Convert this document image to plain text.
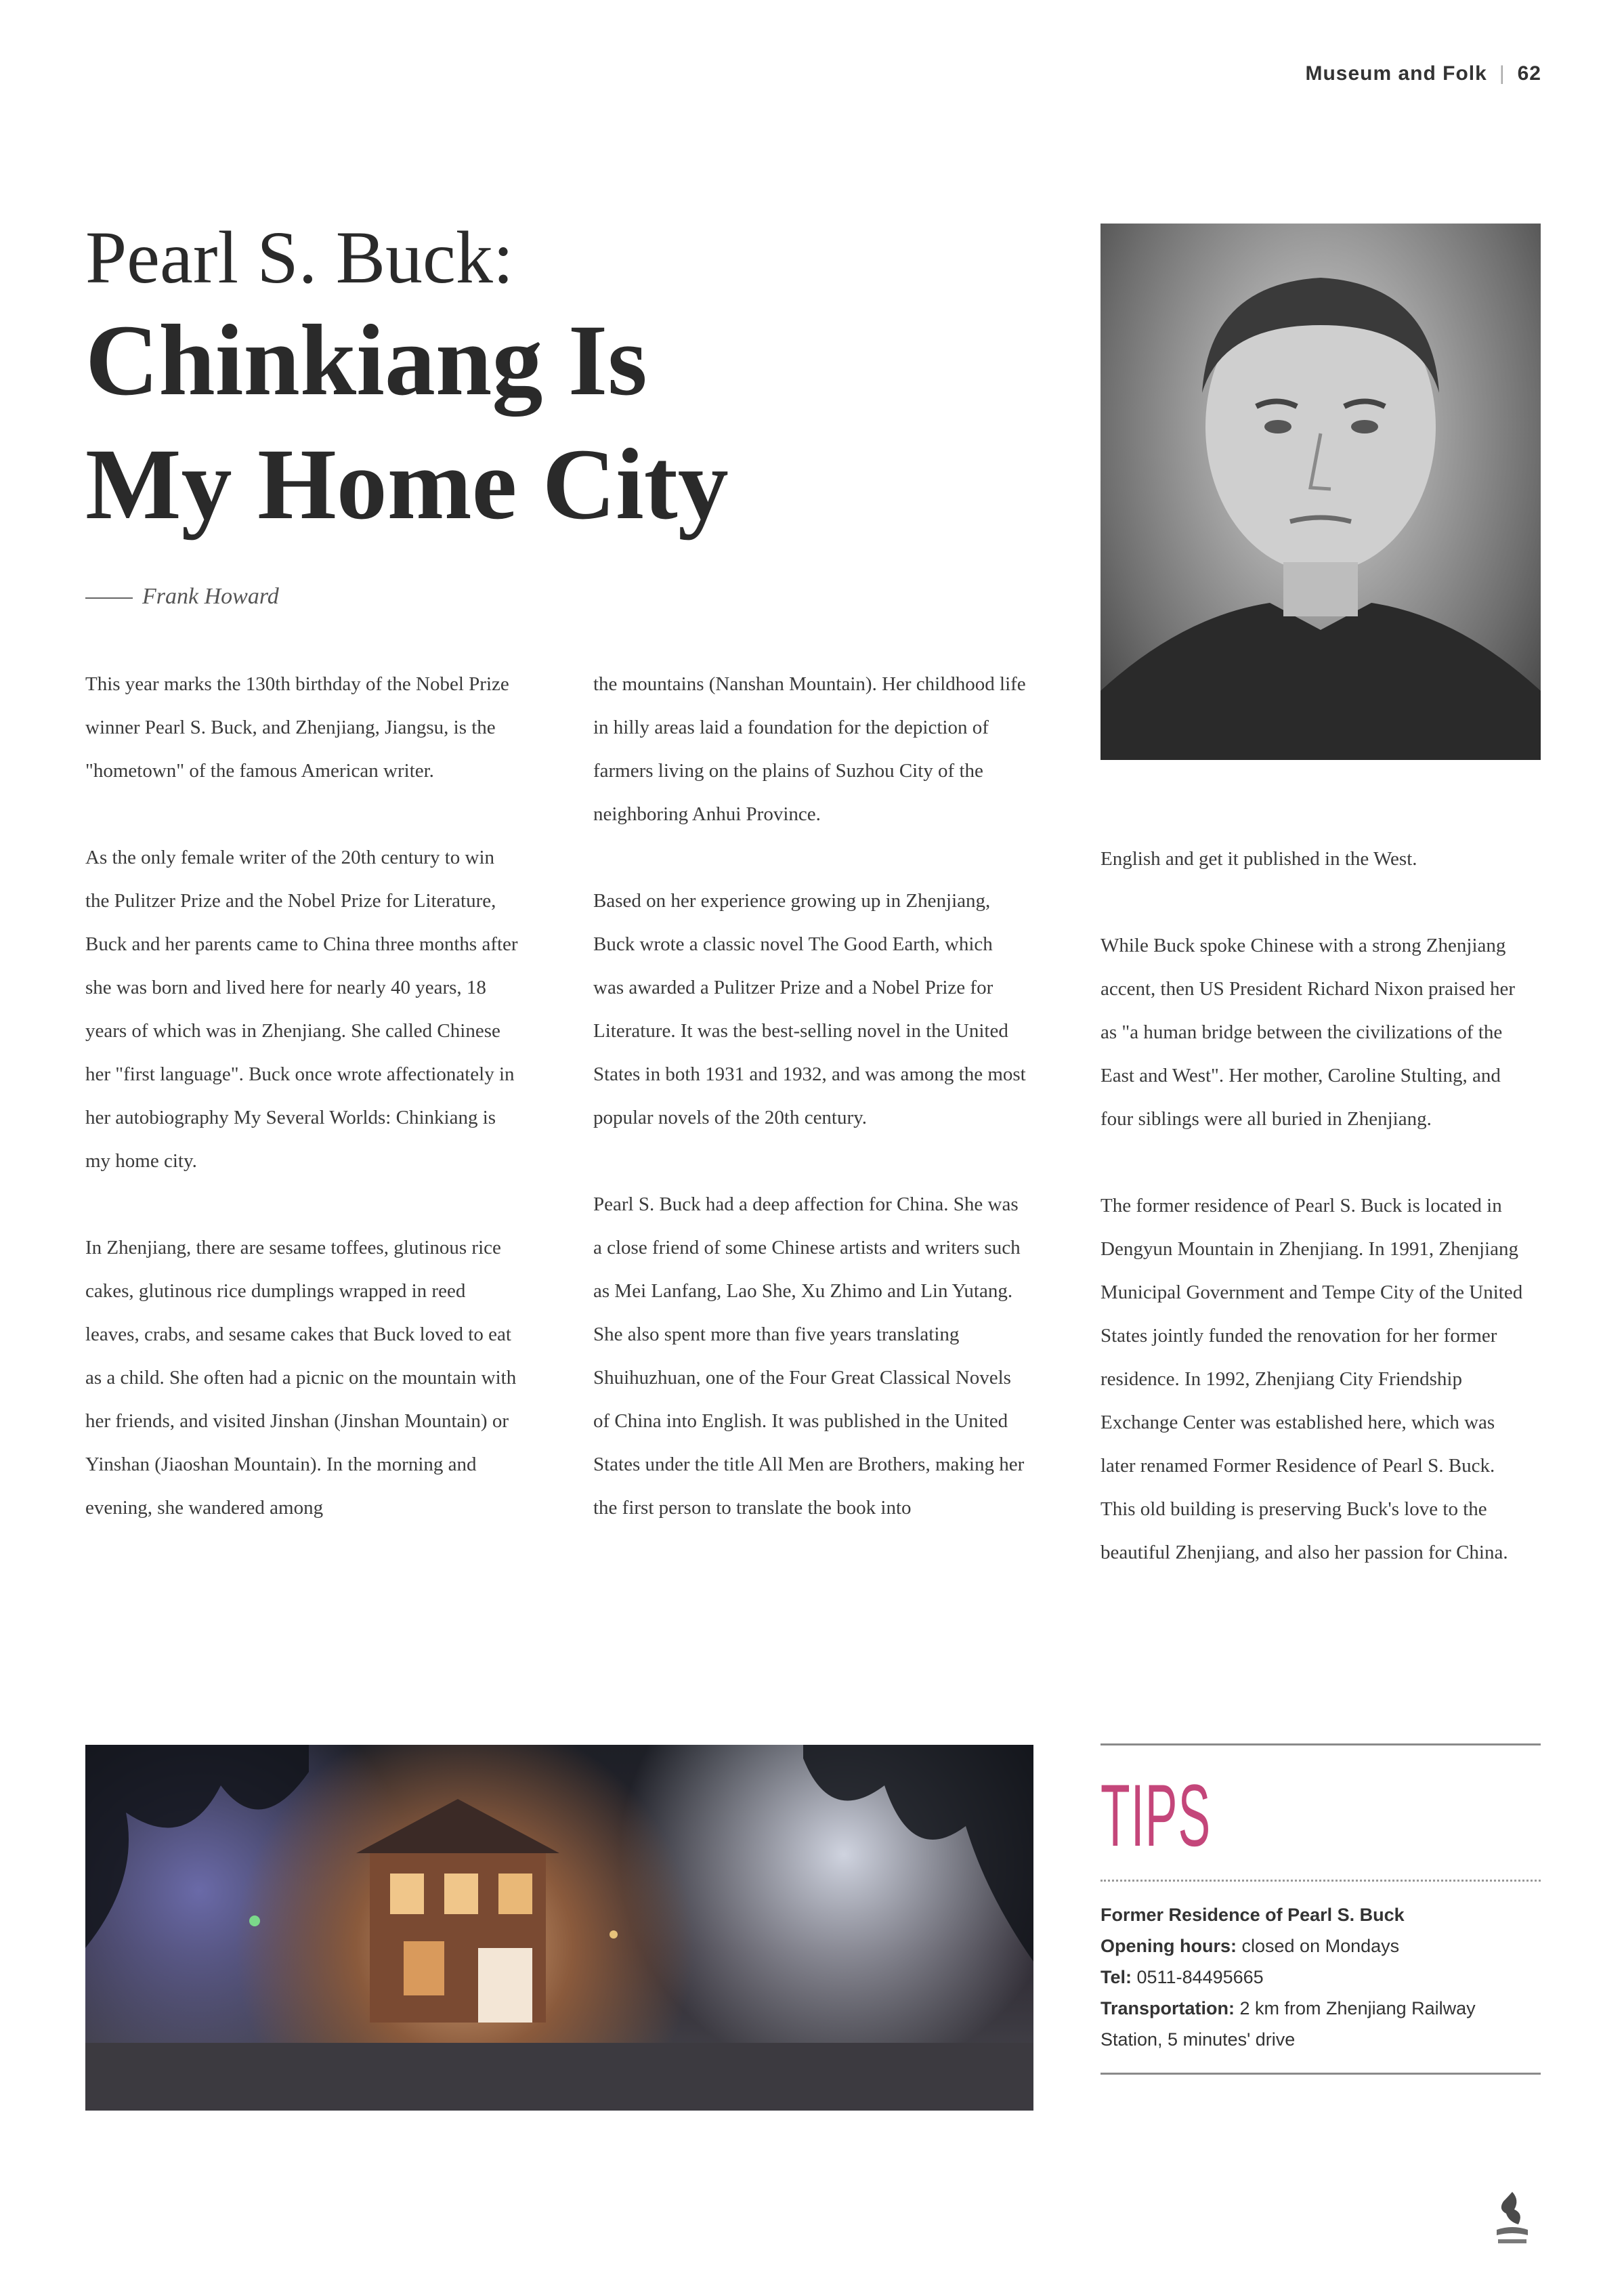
Museum and Folk | 62
Pearl S. Buck:
Chinkiang Is
My Home City
Frank Howard

This year marks the 130th birthday of the Nobel Prize winner Pearl S. Buck, and Zhenjiang, Jiangsu, is the "hometown" of the famous American writer.

As the only female writer of the 20th century to win the Pulitzer Prize and the Nobel Prize for Literature, Buck and her parents came to China three months after she was born and lived here for nearly 40 years, 18 years of which was in Zhenjiang. She called Chinese her "first language". Buck once wrote affectionately in her autobiography My Several Worlds: Chinkiang is my home city.

In Zhenjiang, there are sesame toffees, glutinous rice cakes, glutinous rice dumplings wrapped in reed leaves, crabs, and sesame cakes that Buck loved to eat as a child. She often had a picnic on the mountain with her friends, and visited Jinshan (Jinshan Mountain) or Yinshan (Jiaoshan Mountain). In the morning and evening, she wandered among

the mountains (Nanshan Mountain). Her childhood life in hilly areas laid a foundation for the depiction of farmers living on the plains of Suzhou City of the neighboring Anhui Province.

Based on her experience growing up in Zhenjiang, Buck wrote a classic novel The Good Earth, which was awarded a Pulitzer Prize and a Nobel Prize for Literature. It was the best-selling novel in the United States in both 1931 and 1932, and was among the most popular novels of the 20th century.

Pearl S. Buck had a deep affection for China. She was a close friend of some Chinese artists and writers such as Mei Lanfang, Lao She, Xu Zhimo and Lin Yutang. She also spent more than five years translating Shuihuzhuan, one of the Four Great Classical Novels of China into English. It was published in the United States under the title All Men are Brothers, making her the first person to translate the book into

English and get it published in the West.

While Buck spoke Chinese with a strong Zhenjiang accent, then US President Richard Nixon praised her as "a human bridge between the civilizations of the East and West". Her mother, Caroline Stulting, and four siblings were all buried in Zhenjiang.

The former residence of Pearl S. Buck is located in Dengyun Mountain in Zhenjiang. In 1991, Zhenjiang Municipal Government and Tempe City of the United States jointly funded the renovation for her former residence. In 1992, Zhenjiang City Friendship Exchange Center was established here, which was later renamed Former Residence of Pearl S. Buck. This old building is preserving Buck's love to the beautiful Zhenjiang, and also her passion for China.

TIPS
Former Residence of Pearl S. Buck
Opening hours: closed on Mondays
Tel: 0511-84495665
Transportation: 2 km from Zhenjiang Railway Station, 5 minutes' drive
